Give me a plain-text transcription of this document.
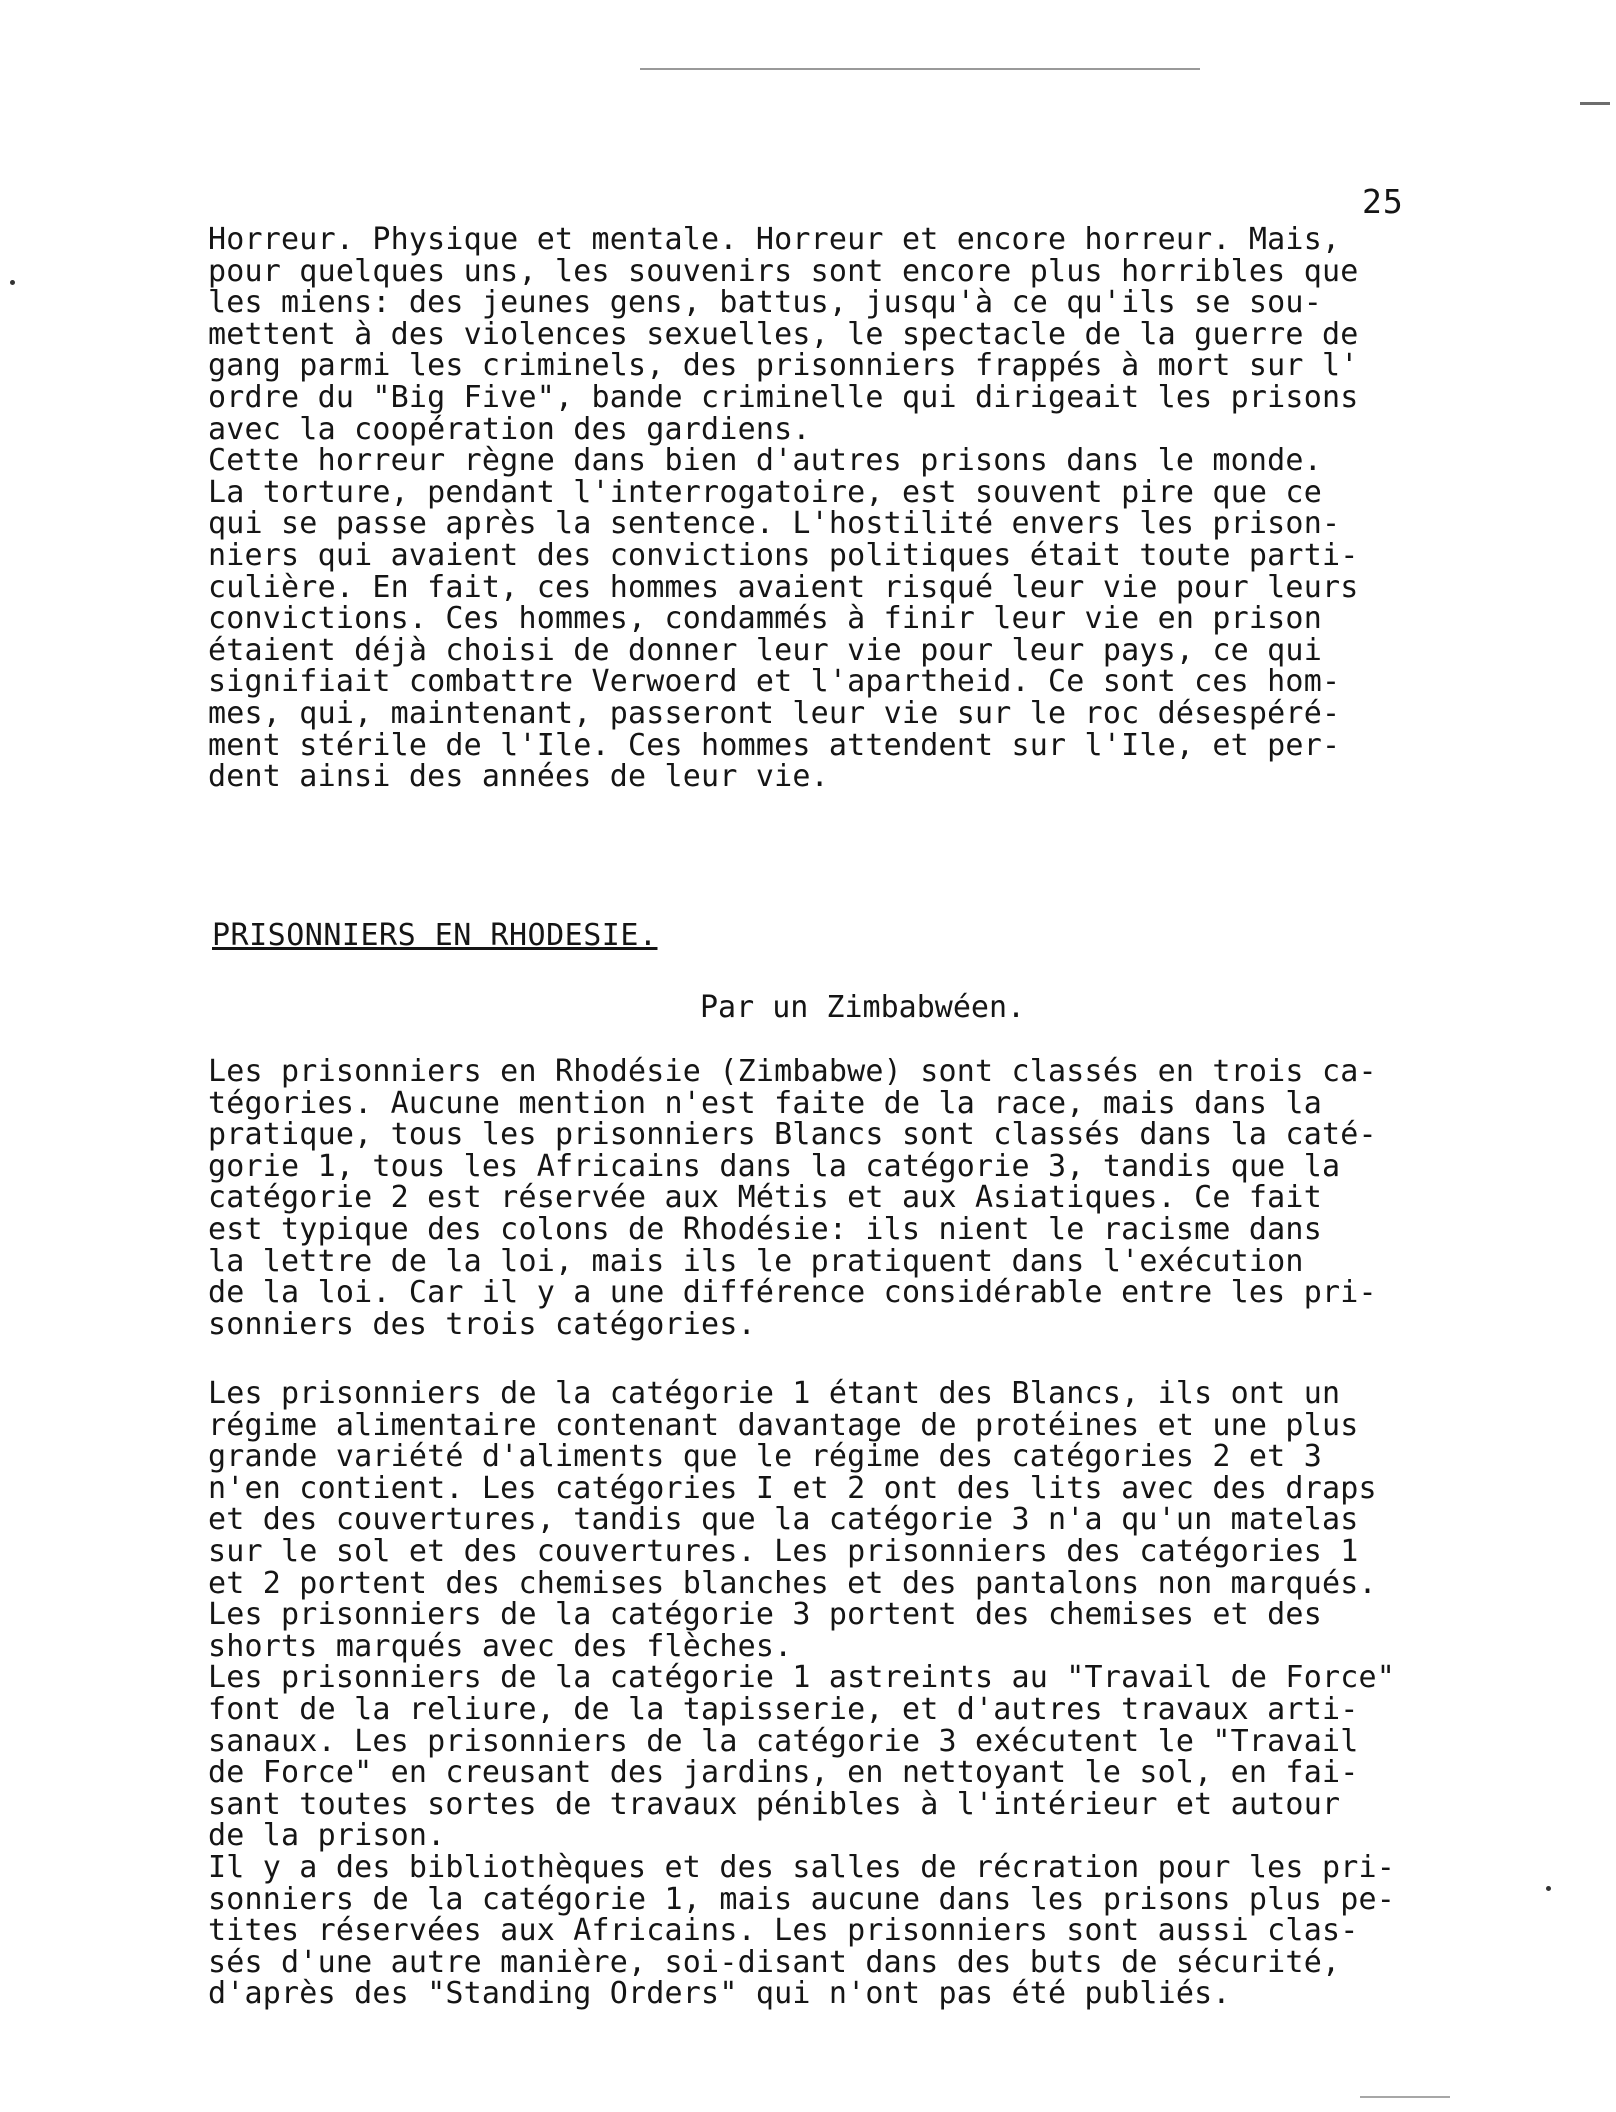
25
Horreur. Physique et mentale. Horreur et encore horreur. Mais,
pour quelques uns, les souvenirs sont encore plus horribles que
les miens: des jeunes gens, battus, jusqu'à ce qu'ils se sou-
mettent à des violences sexuelles, le spectacle de la guerre de
gang parmi les criminels, des prisonniers frappés à mort sur l'
ordre du "Big Five", bande criminelle qui dirigeait les prisons
avec la coopération des gardiens.
Cette horreur règne dans bien d'autres prisons dans le monde.
La torture, pendant l'interrogatoire, est souvent pire que ce
qui se passe après la sentence. L'hostilité envers les prison-
niers qui avaient des convictions politiques était toute parti-
culière. En fait, ces hommes avaient risqué leur vie pour leurs
convictions. Ces hommes, condammés à finir leur vie en prison
étaient déjà choisi de donner leur vie pour leur pays, ce qui
signifiait combattre Verwoerd et l'apartheid. Ce sont ces hom-
mes, qui, maintenant, passeront leur vie sur le roc désespéré-
ment stérile de l'Ile. Ces hommes attendent sur l'Ile, et per-
dent ainsi des années de leur vie.
PRISONNIERS EN RHODESIE.
Par un Zimbabwéen.
Les prisonniers en Rhodésie (Zimbabwe) sont classés en trois ca-
tégories. Aucune mention n'est faite de la race, mais dans la
pratique, tous les prisonniers Blancs sont classés dans la caté-
gorie 1, tous les Africains dans la catégorie 3, tandis que la
catégorie 2 est réservée aux Métis et aux Asiatiques. Ce fait
est typique des colons de Rhodésie: ils nient le racisme dans
la lettre de la loi, mais ils le pratiquent dans l'exécution
de la loi. Car il y a une différence considérable entre les pri-
sonniers des trois catégories.
Les prisonniers de la catégorie 1 étant des Blancs, ils ont un
régime alimentaire contenant davantage de protéines et une plus
grande variété d'aliments que le régime des catégories 2 et 3
n'en contient. Les catégories I et 2 ont des lits avec des draps
et des couvertures, tandis que la catégorie 3 n'a qu'un matelas
sur le sol et des couvertures. Les prisonniers des catégories 1
et 2 portent des chemises blanches et des pantalons non marqués.
Les prisonniers de la catégorie 3 portent des chemises et des
shorts marqués avec des flèches.
Les prisonniers de la catégorie 1 astreints au "Travail de Force"
font de la reliure, de la tapisserie, et d'autres travaux arti-
sanaux. Les prisonniers de la catégorie 3 exécutent le "Travail
de Force" en creusant des jardins, en nettoyant le sol, en fai-
sant toutes sortes de travaux pénibles à l'intérieur et autour
de la prison.
Il y a des bibliothèques et des salles de récration pour les pri-
sonniers de la catégorie 1, mais aucune dans les prisons plus pe-
tites réservées aux Africains. Les prisonniers sont aussi clas-
sés d'une autre manière, soi-disant dans des buts de sécurité,
d'après des "Standing Orders" qui n'ont pas été publiés.
